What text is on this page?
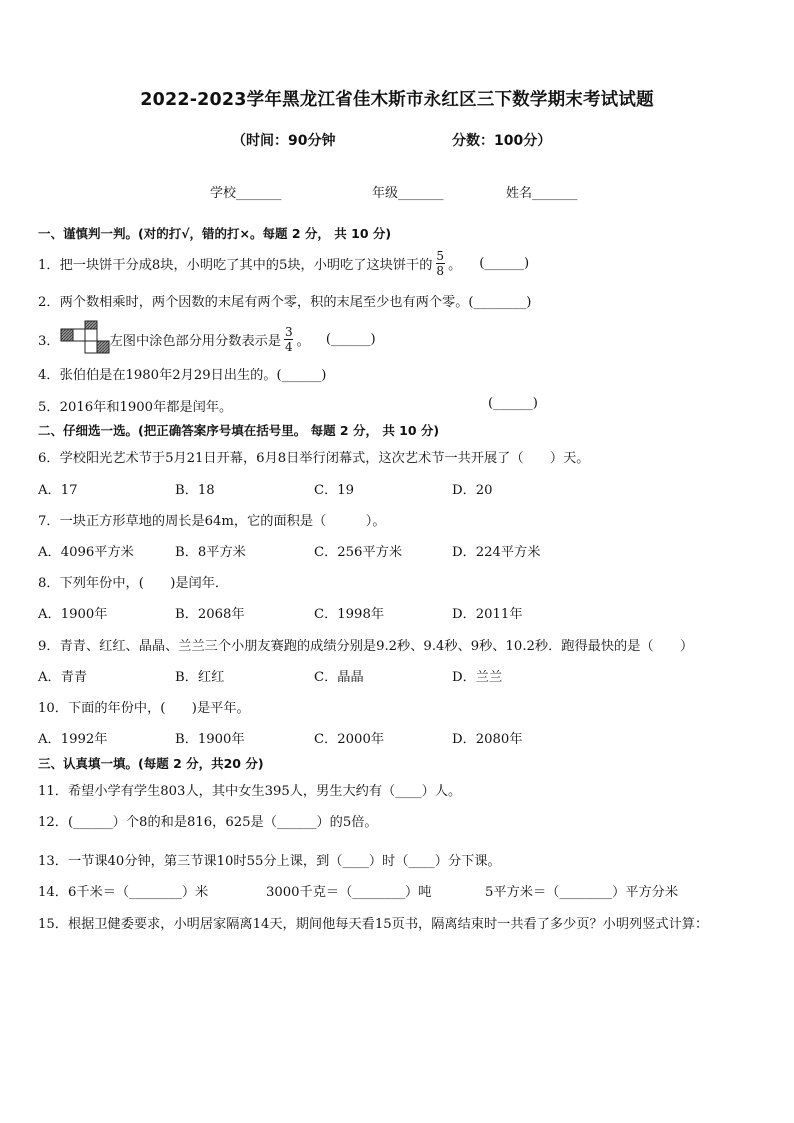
2022-2023学年黑龙江省佳木斯市永红区三下数学期末考试试题
（时间：90分钟	分数：100分）
学校_______	年级_______	姓名_______
一、谨慎判一判。(对的打√，错的打×。每题 2 分， 共 10 分)
1．把一块饼干分成8块，小明吃了其中的5块，小明吃了这块饼干的 $\frac{5}{8}$ 。 (______)
2．两个数相乘时，两个因数的末尾有两个零，积的末尾至少也有两个零。(________)
3．	左图中涂色部分用分数表示是 $\frac{3}{4}$ 。 (______)
4．张伯伯是在1980年2月29日出生的。(______)
5．2016年和1900年都是闰年。	(______)
二、仔细选一选。(把正确答案序号填在括号里。 每题 2 分， 共 10 分)
6．学校阳光艺术节于5月21日开幕，6月8日举行闭幕式，这次艺术节一共开展了（　　）天。
A．17	B．18	C．19	D．20
7．一块正方形草地的周长是64m，它的面积是（　　　）。
A．4096平方米	B．8平方米	C．256平方米	D．224平方米
8．下列年份中，(　　)是闰年．
A．1900年	B．2068年	C．1998年	D．2011年
9．青青、红红、晶晶、兰兰三个小朋友赛跑的成绩分别是9.2秒、9.4秒、9秒、10.2秒．跑得最快的是（　　）
A．青青	B．红红	C．晶晶	D．兰兰
10．下面的年份中，(　　)是平年。
A．1992年	B．1900年	C．2000年	D．2080年
三、认真填一填。(每题 2 分，共20 分)
11．希望小学有学生803人，其中女生395人，男生大约有（____）人。
12．(______）个8的和是816，625是（______）的5倍。
13．一节课40分钟，第三节课10时55分上课，到（____）时（____）分下课。
14．6千米＝（________）米	3000千克＝（________）吨	5平方米＝（________）平方分米
15．根据卫健委要求，小明居家隔离14天，期间他每天看15页书，隔离结束时一共看了多少页？小明列竖式计算：
